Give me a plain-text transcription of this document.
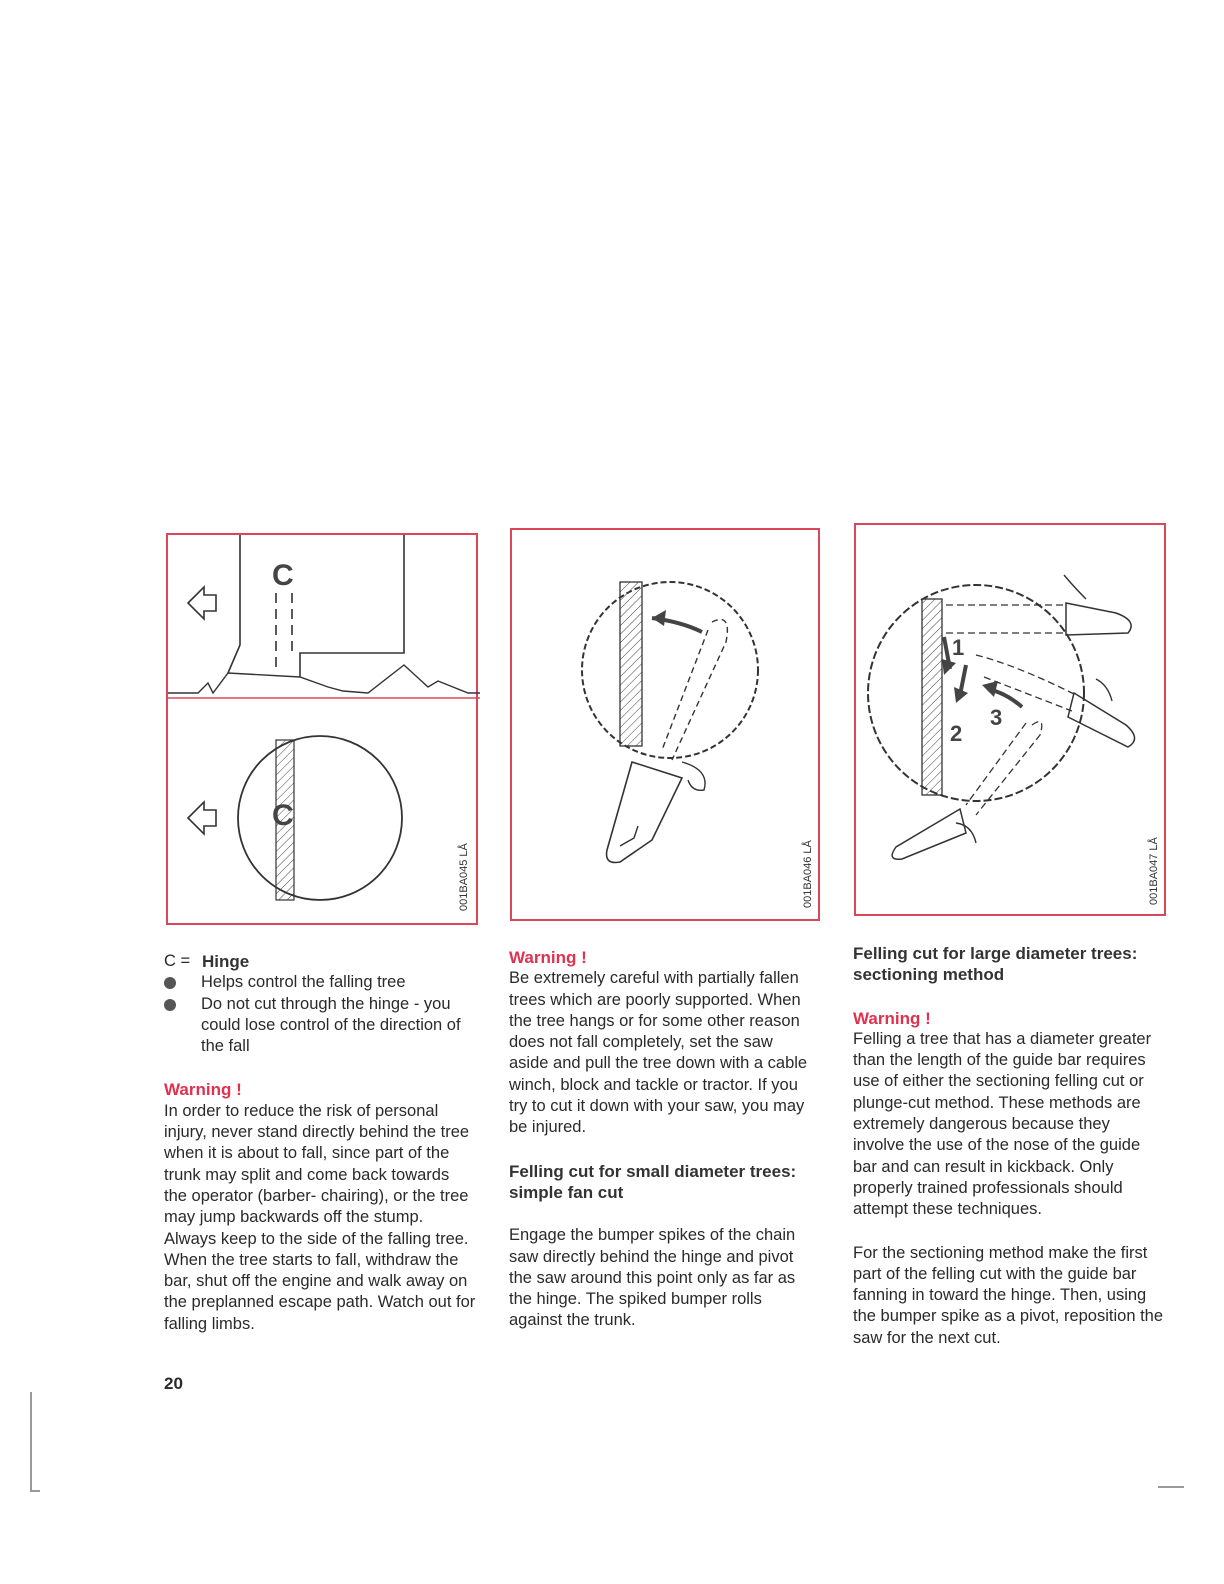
C
C
001BA045 LÅ	001BA046 LÅ
1
2
3
001BA047 LÅ
C = Hinge
Helps control the falling tree
Do not cut through the hinge - you could lose control of the direction of the fall

Warning !

In order to reduce the risk of personal injury, never stand directly behind the tree when it is about to fall, since part of the trunk may split and come back towards the operator (barber- chairing), or the tree may jump backwards off the stump. Always keep to the side of the falling tree. When the tree starts to fall, withdraw the bar, shut off the engine and walk away on the preplanned escape path. Watch out for falling limbs.

Warning !

Be extremely careful with partially fallen trees which are poorly supported. When the tree hangs or for some other reason does not fall completely, set the saw aside and pull the tree down with a cable winch, block and tackle or tractor. If you try to cut it down with your saw, you may be injured.

Felling cut for small diameter trees: simple fan cut

Engage the bumper spikes of the chain saw directly behind the hinge and pivot the saw around this point only as far as the hinge. The spiked bumper rolls against the trunk.

Felling cut for large diameter trees: sectioning method

Warning !

Felling a tree that has a diameter greater than the length of the guide bar requires use of either the sectioning felling cut or plunge-cut method. These methods are extremely dangerous because they involve the use of the nose of the guide bar and can result in kickback. Only properly trained professionals should attempt these techniques.

For the sectioning method make the first part of the felling cut with the guide bar fanning in toward the hinge. Then, using the bumper spike as a pivot, reposition the saw for the next cut.

20
